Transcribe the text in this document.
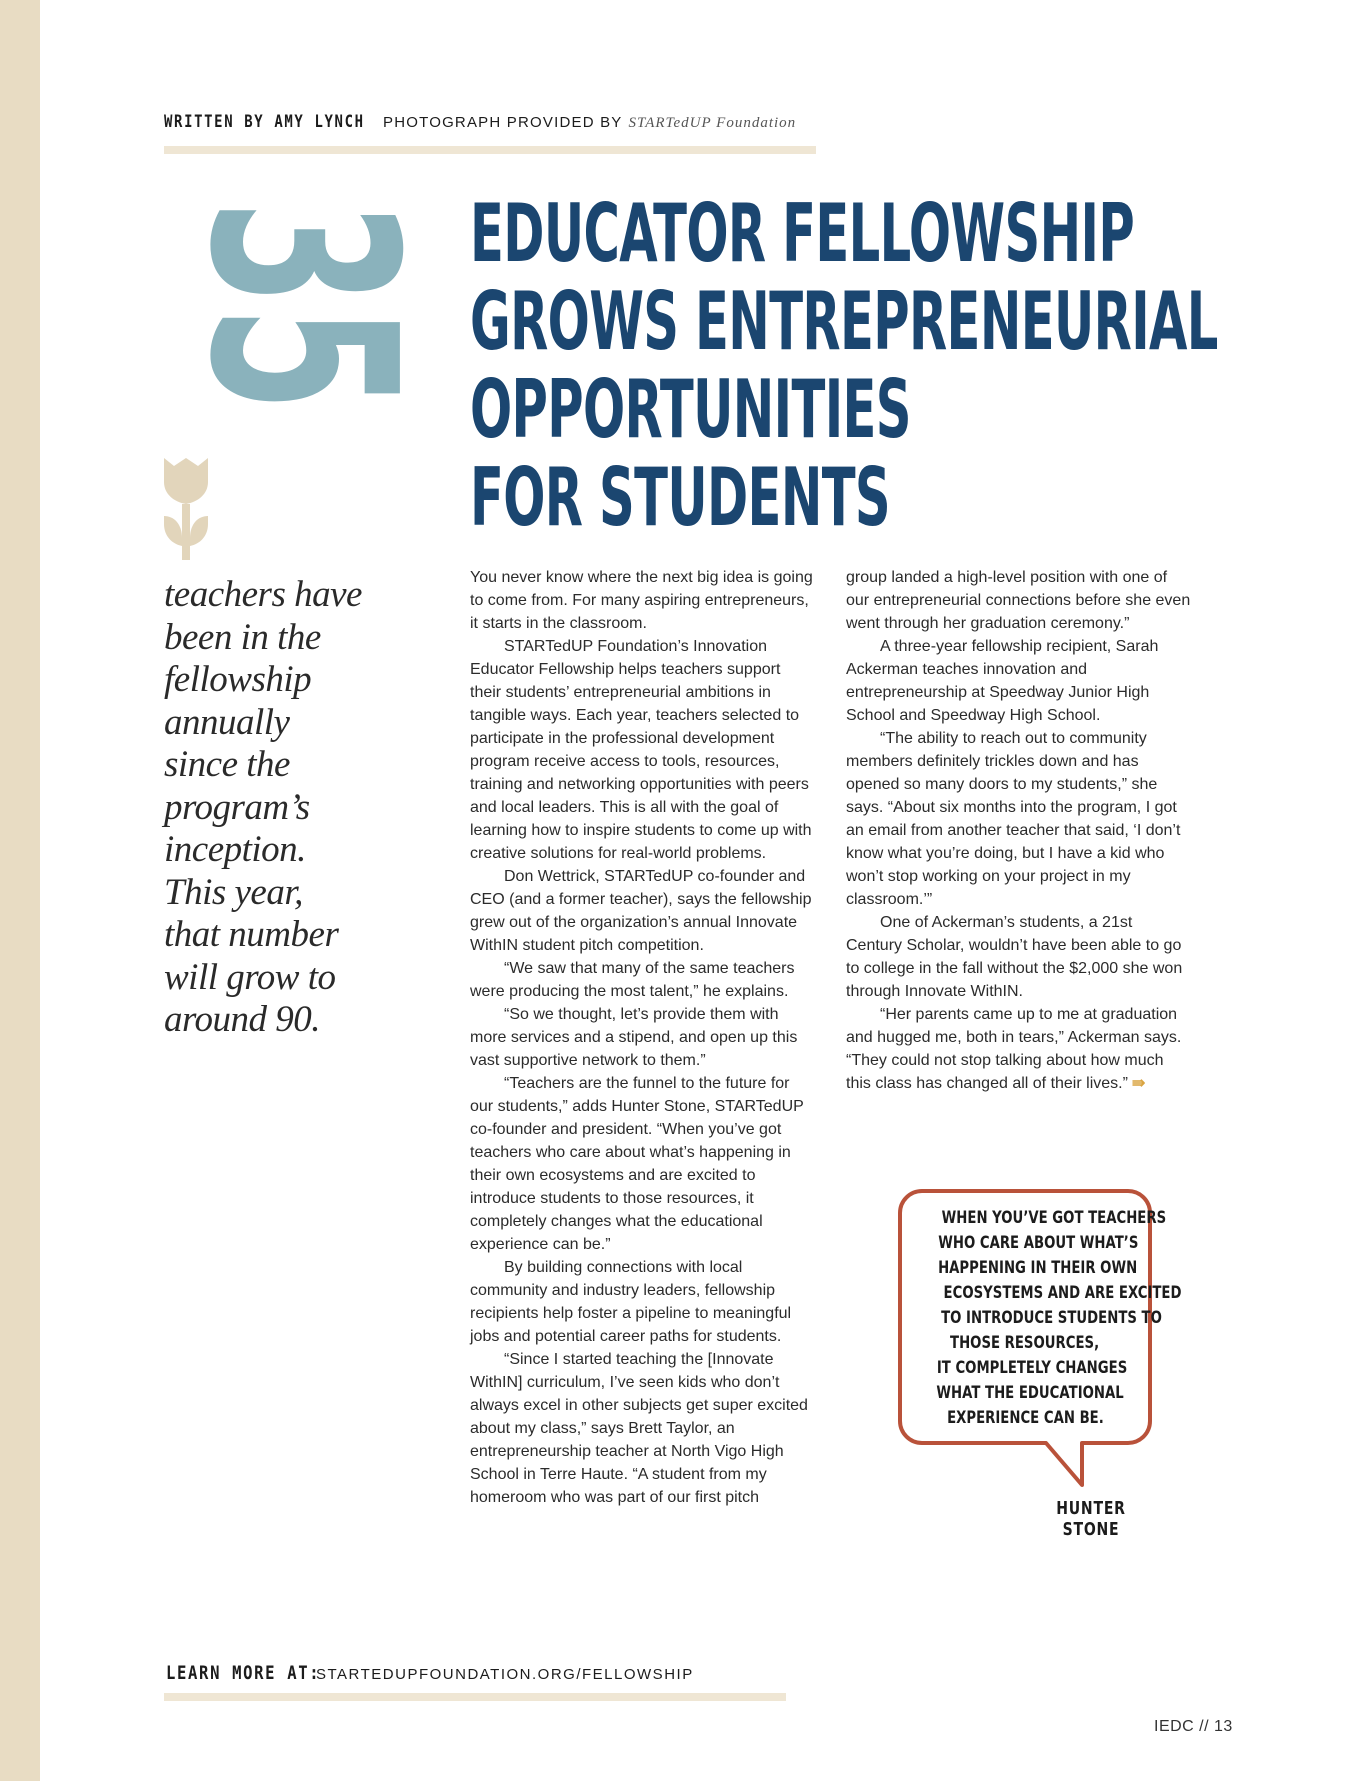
WRITTEN BY AMY LYNCH PHOTOGRAPH PROVIDED BY STARTedUP Foundation
35
teachers have
been in the
fellowship annually
since the program’s
inception.
This year,
that number
will grow to
around 90.
EDUCATOR FELLOWSHIP
GROWS ENTREPRENEURIAL
OPPORTUNITIES
FOR STUDENTS

You never know where the next big idea is going to come from. For many aspiring entrepreneurs, it starts in the classroom.

STARTedUP Foundation’s Innovation Educator Fellowship helps teachers support their students’ entrepreneurial ambitions in tangible ways. Each year, teachers selected to participate in the professional development program receive access to tools, resources, training and networking opportunities with peers and local leaders. This is all with the goal of learning how to inspire students to come up with creative solutions for real-world problems.

Don Wettrick, STARTedUP co-founder and CEO (and a former teacher), says the fellowship grew out of the organization’s annual Innovate WithIN student pitch competition.

“We saw that many of the same teachers were producing the most talent,” he explains.

“So we thought, let’s provide them with more services and a stipend, and open up this vast supportive network to them.”

“Teachers are the funnel to the future for our students,” adds Hunter Stone, STARTedUP co-founder and president. “When you’ve got teachers who care about what’s happening in their own ecosystems and are excited to introduce students to those resources, it completely changes what the educational experience can be.”

By building connections with local community and industry leaders, fellowship recipients help foster a pipeline to meaningful jobs and potential career paths for students.

“Since I started teaching the [Innovate WithIN] curriculum, I’ve seen kids who don’t always excel in other subjects get super excited about my class,” says Brett Taylor, an entrepreneurship teacher at North Vigo High School in Terre Haute. “A student from my homeroom who was part of our first pitch

group landed a high-level position with one of our entrepreneurial connections before she even went through her graduation ceremony.”

A three-year fellowship recipient, Sarah Ackerman teaches innovation and entrepreneurship at Speedway Junior High School and Speedway High School.

“The ability to reach out to community members definitely trickles down and has opened so many doors to my students,” she says. “About six months into the program, I got an email from another teacher that said, ‘I don’t know what you’re doing, but I have a kid who won’t stop working on your project in my classroom.’”

One of Ackerman’s students, a 21st Century Scholar, wouldn’t have been able to go to college in the fall without the $2,000 she won through Innovate WithIN.

“Her parents came up to me at graduation and hugged me, both in tears,” Ackerman says. “They could not stop talking about how much this class has changed all of their lives.” ⇛

WHEN YOU’VE GOT TEACHERS
WHO CARE ABOUT WHAT’S
HAPPENING IN THEIR OWN
ECOSYSTEMS AND ARE EXCITED
TO INTRODUCE STUDENTS TO
THOSE RESOURCES,
IT COMPLETELY CHANGES
WHAT THE EDUCATIONAL
EXPERIENCE CAN BE.
HUNTER STONE
LEARN MORE AT:
STARTEDUPFOUNDATION.ORG/FELLOWSHIP
IEDC // 13
